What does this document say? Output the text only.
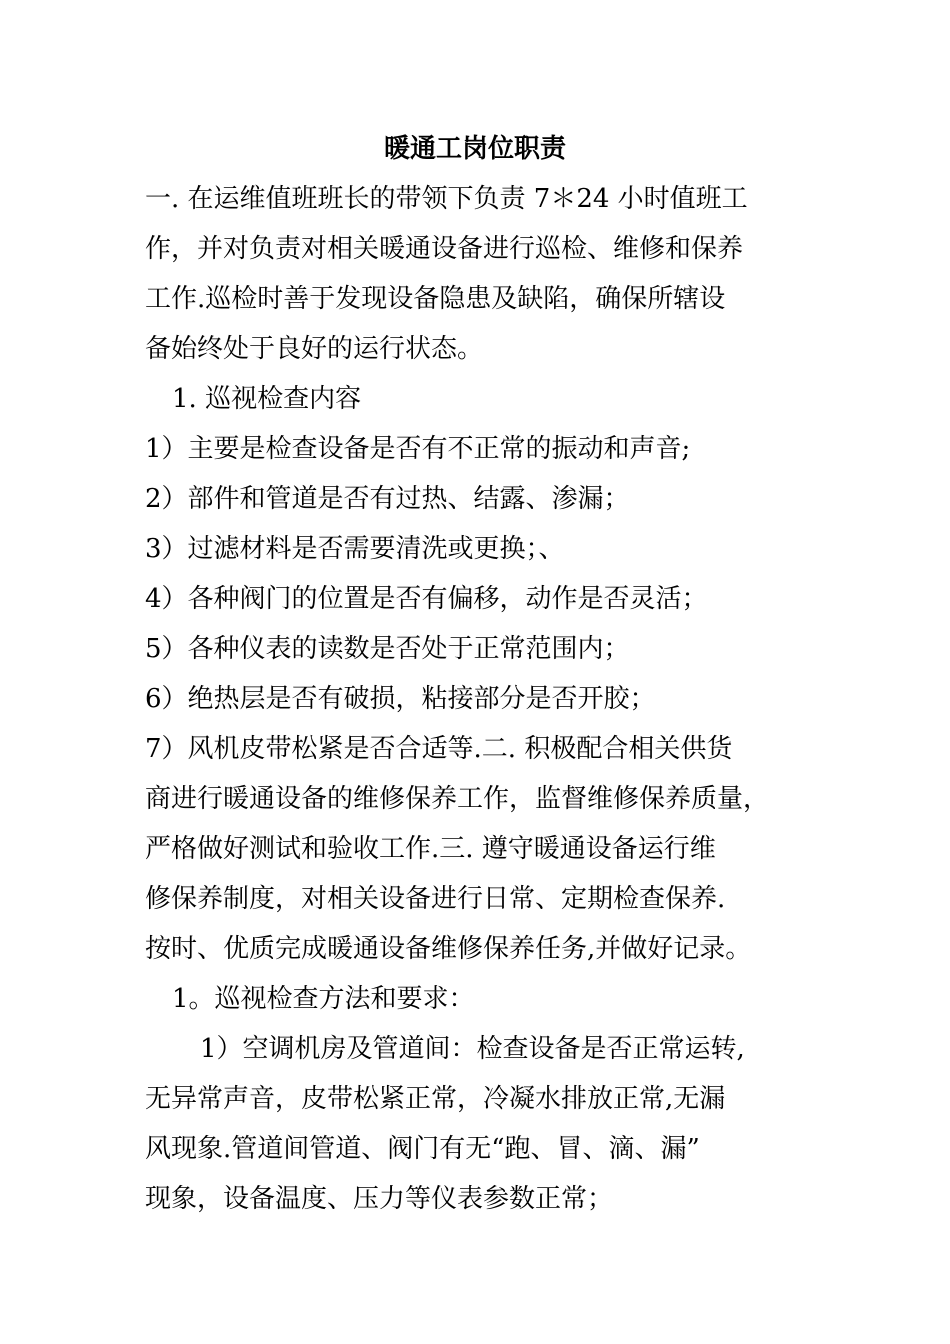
暖通工岗位职责
一. 在运维值班班长的带领下负责 7＊24 小时值班工
作，并对负责对相关暖通设备进行巡检、维修和保养
工作.巡检时善于发现设备隐患及缺陷，确保所辖设
备始终处于良好的运行状态。
1. 巡视检查内容
1）主要是检查设备是否有不正常的振动和声音;
2）部件和管道是否有过热、结露、渗漏；
3）过滤材料是否需要清洗或更换；、
4）各种阀门的位置是否有偏移，动作是否灵活；
5）各种仪表的读数是否处于正常范围内；
6）绝热层是否有破损，粘接部分是否开胶；
7）风机皮带松紧是否合适等.二. 积极配合相关供货
商进行暖通设备的维修保养工作，监督维修保养质量，
严格做好测试和验收工作.三. 遵守暖通设备运行维
修保养制度，对相关设备进行日常、定期检查保养.
按时、优质完成暖通设备维修保养任务,并做好记录。
1。巡视检查方法和要求：
1）空调机房及管道间：检查设备是否正常运转,
无异常声音，皮带松紧正常，冷凝水排放正常,无漏
风现象.管道间管道、阀门有无“跑、冒、滴、漏”
现象，设备温度、压力等仪表参数正常；
